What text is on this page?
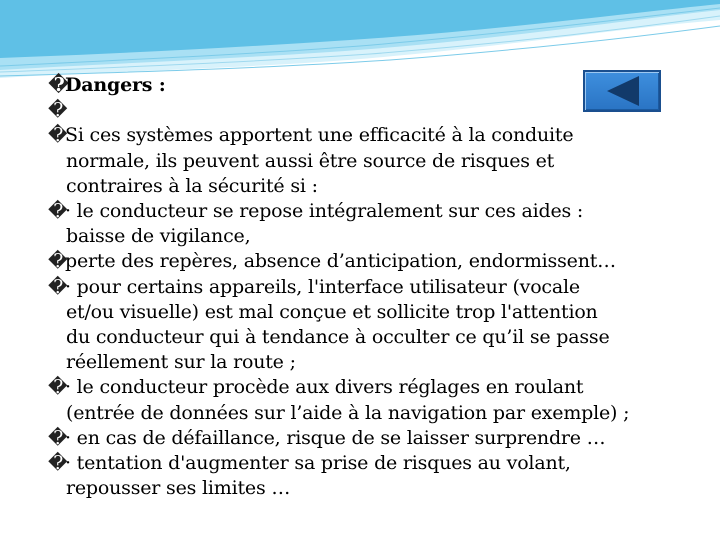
�Dangers :
�
�Si ces systèmes apportent une efficacité à la conduite
normale, ils peuvent aussi être source de risques et
contraires à la sécurité si :
�· le conducteur se repose intégralement sur ces aides :
baisse de vigilance,
�perte des repères, absence d’anticipation, endormissent…
�· pour certains appareils, l'interface utilisateur (vocale
et/ou visuelle) est mal conçue et sollicite trop l'attention
du conducteur qui à tendance à occulter ce qu’il se passe
réellement sur la route ;
�· le conducteur procède aux divers réglages en roulant
(entrée de données sur l’aide à la navigation par exemple) ;
�· en cas de défaillance, risque de se laisser surprendre …
�· tentation d'augmenter sa prise de risques au volant,
repousser ses limites …
